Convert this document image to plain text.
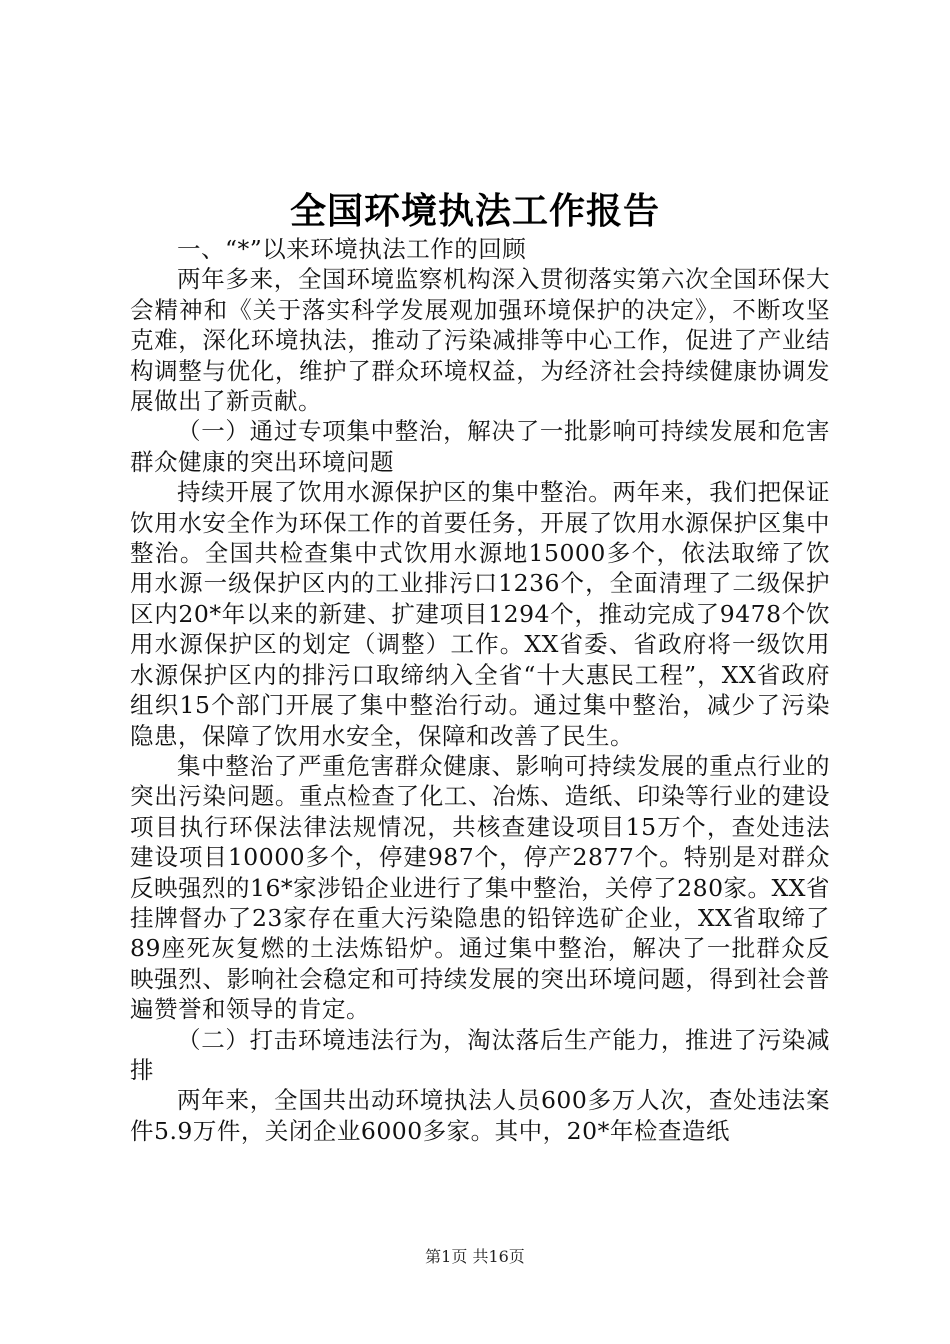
全国环境执法工作报告

一、“*”以来环境执法工作的回顾

两年多来，全国环境监察机构深入贯彻落实第六次全国环保大会精神和《关于落实科学发展观加强环境保护的决定》，不断攻坚克难，深化环境执法，推动了污染减排等中心工作，促进了产业结构调整与优化，维护了群众环境权益，为经济社会持续健康协调发展做出了新贡献。

（一）通过专项集中整治，解决了一批影响可持续发展和危害群众健康的突出环境问题

持续开展了饮用水源保护区的集中整治。两年来，我们把保证饮用水安全作为环保工作的首要任务，开展了饮用水源保护区集中整治。全国共检查集中式饮用水源地15000多个，依法取缔了饮用水源一级保护区内的工业排污口1236个，全面清理了二级保护区内20*年以来的新建、扩建项目1294个，推动完成了9478个饮用水源保护区的划定（调整）工作。XX省委、省政府将一级饮用水源保护区内的排污口取缔纳入全省“十大惠民工程”，XX省政府组织15个部门开展了集中整治行动。通过集中整治，减少了污染隐患，保障了饮用水安全，保障和改善了民生。

集中整治了严重危害群众健康、影响可持续发展的重点行业的突出污染问题。重点检查了化工、冶炼、造纸、印染等行业的建设项目执行环保法律法规情况，共核查建设项目15万个，查处违法建设项目10000多个，停建987个，停产2877个。特别是对群众反映强烈的16*家涉铅企业进行了集中整治，关停了280家。XX省挂牌督办了23家存在重大污染隐患的铅锌选矿企业，XX省取缔了89座死灰复燃的土法炼铅炉。通过集中整治，解决了一批群众反映强烈、影响社会稳定和可持续发展的突出环境问题，得到社会普遍赞誉和领导的肯定。

（二）打击环境违法行为，淘汰落后生产能力，推进了污染减排

两年来，全国共出动环境执法人员600多万人次，查处违法案件5.9万件，关闭企业6000多家。其中，20*年检查造纸

第1页 共16页
